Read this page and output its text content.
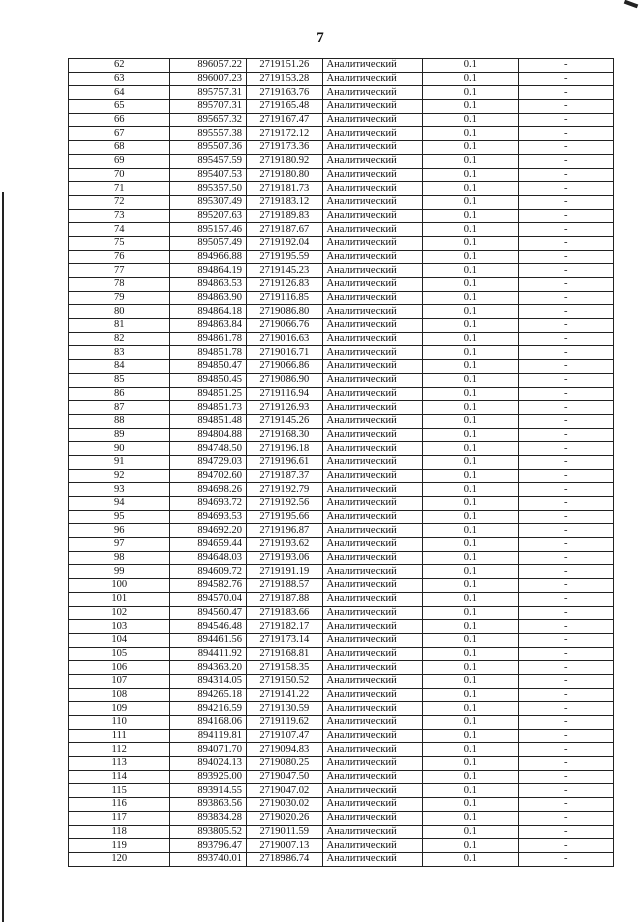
7
62	896057.22	2719151.26	Аналитический	0.1	-
63	896007.23	2719153.28	Аналитический	0.1	-
64	895757.31	2719163.76	Аналитический	0.1	-
65	895707.31	2719165.48	Аналитический	0.1	-
66	895657.32	2719167.47	Аналитический	0.1	-
67	895557.38	2719172.12	Аналитический	0.1	-
68	895507.36	2719173.36	Аналитический	0.1	-
69	895457.59	2719180.92	Аналитический	0.1	-
70	895407.53	2719180.80	Аналитический	0.1	-
71	895357.50	2719181.73	Аналитический	0.1	-
72	895307.49	2719183.12	Аналитический	0.1	-
73	895207.63	2719189.83	Аналитический	0.1	-
74	895157.46	2719187.67	Аналитический	0.1	-
75	895057.49	2719192.04	Аналитический	0.1	-
76	894966.88	2719195.59	Аналитический	0.1	-
77	894864.19	2719145.23	Аналитический	0.1	-
78	894863.53	2719126.83	Аналитический	0.1	-
79	894863.90	2719116.85	Аналитический	0.1	-
80	894864.18	2719086.80	Аналитический	0.1	-
81	894863.84	2719066.76	Аналитический	0.1	-
82	894861.78	2719016.63	Аналитический	0.1	-
83	894851.78	2719016.71	Аналитический	0.1	-
84	894850.47	2719066.86	Аналитический	0.1	-
85	894850.45	2719086.90	Аналитический	0.1	-
86	894851.25	2719116.94	Аналитический	0.1	-
87	894851.73	2719126.93	Аналитический	0.1	-
88	894851.48	2719145.26	Аналитический	0.1	-
89	894804.88	2719168.30	Аналитический	0.1	-
90	894748.50	2719196.18	Аналитический	0.1	-
91	894729.03	2719196.61	Аналитический	0.1	-
92	894702.60	2719187.37	Аналитический	0.1	-
93	894698.26	2719192.79	Аналитический	0.1	-
94	894693.72	2719192.56	Аналитический	0.1	-
95	894693.53	2719195.66	Аналитический	0.1	-
96	894692.20	2719196.87	Аналитический	0.1	-
97	894659.44	2719193.62	Аналитический	0.1	-
98	894648.03	2719193.06	Аналитический	0.1	-
99	894609.72	2719191.19	Аналитический	0.1	-
100	894582.76	2719188.57	Аналитический	0.1	-
101	894570.04	2719187.88	Аналитический	0.1	-
102	894560.47	2719183.66	Аналитический	0.1	-
103	894546.48	2719182.17	Аналитический	0.1	-
104	894461.56	2719173.14	Аналитический	0.1	-
105	894411.92	2719168.81	Аналитический	0.1	-
106	894363.20	2719158.35	Аналитический	0.1	-
107	894314.05	2719150.52	Аналитический	0.1	-
108	894265.18	2719141.22	Аналитический	0.1	-
109	894216.59	2719130.59	Аналитический	0.1	-
110	894168.06	2719119.62	Аналитический	0.1	-
111	894119.81	2719107.47	Аналитический	0.1	-
112	894071.70	2719094.83	Аналитический	0.1	-
113	894024.13	2719080.25	Аналитический	0.1	-
114	893925.00	2719047.50	Аналитический	0.1	-
115	893914.55	2719047.02	Аналитический	0.1	-
116	893863.56	2719030.02	Аналитический	0.1	-
117	893834.28	2719020.26	Аналитический	0.1	-
118	893805.52	2719011.59	Аналитический	0.1	-
119	893796.47	2719007.13	Аналитический	0.1	-
120	893740.01	2718986.74	Аналитический	0.1	-
